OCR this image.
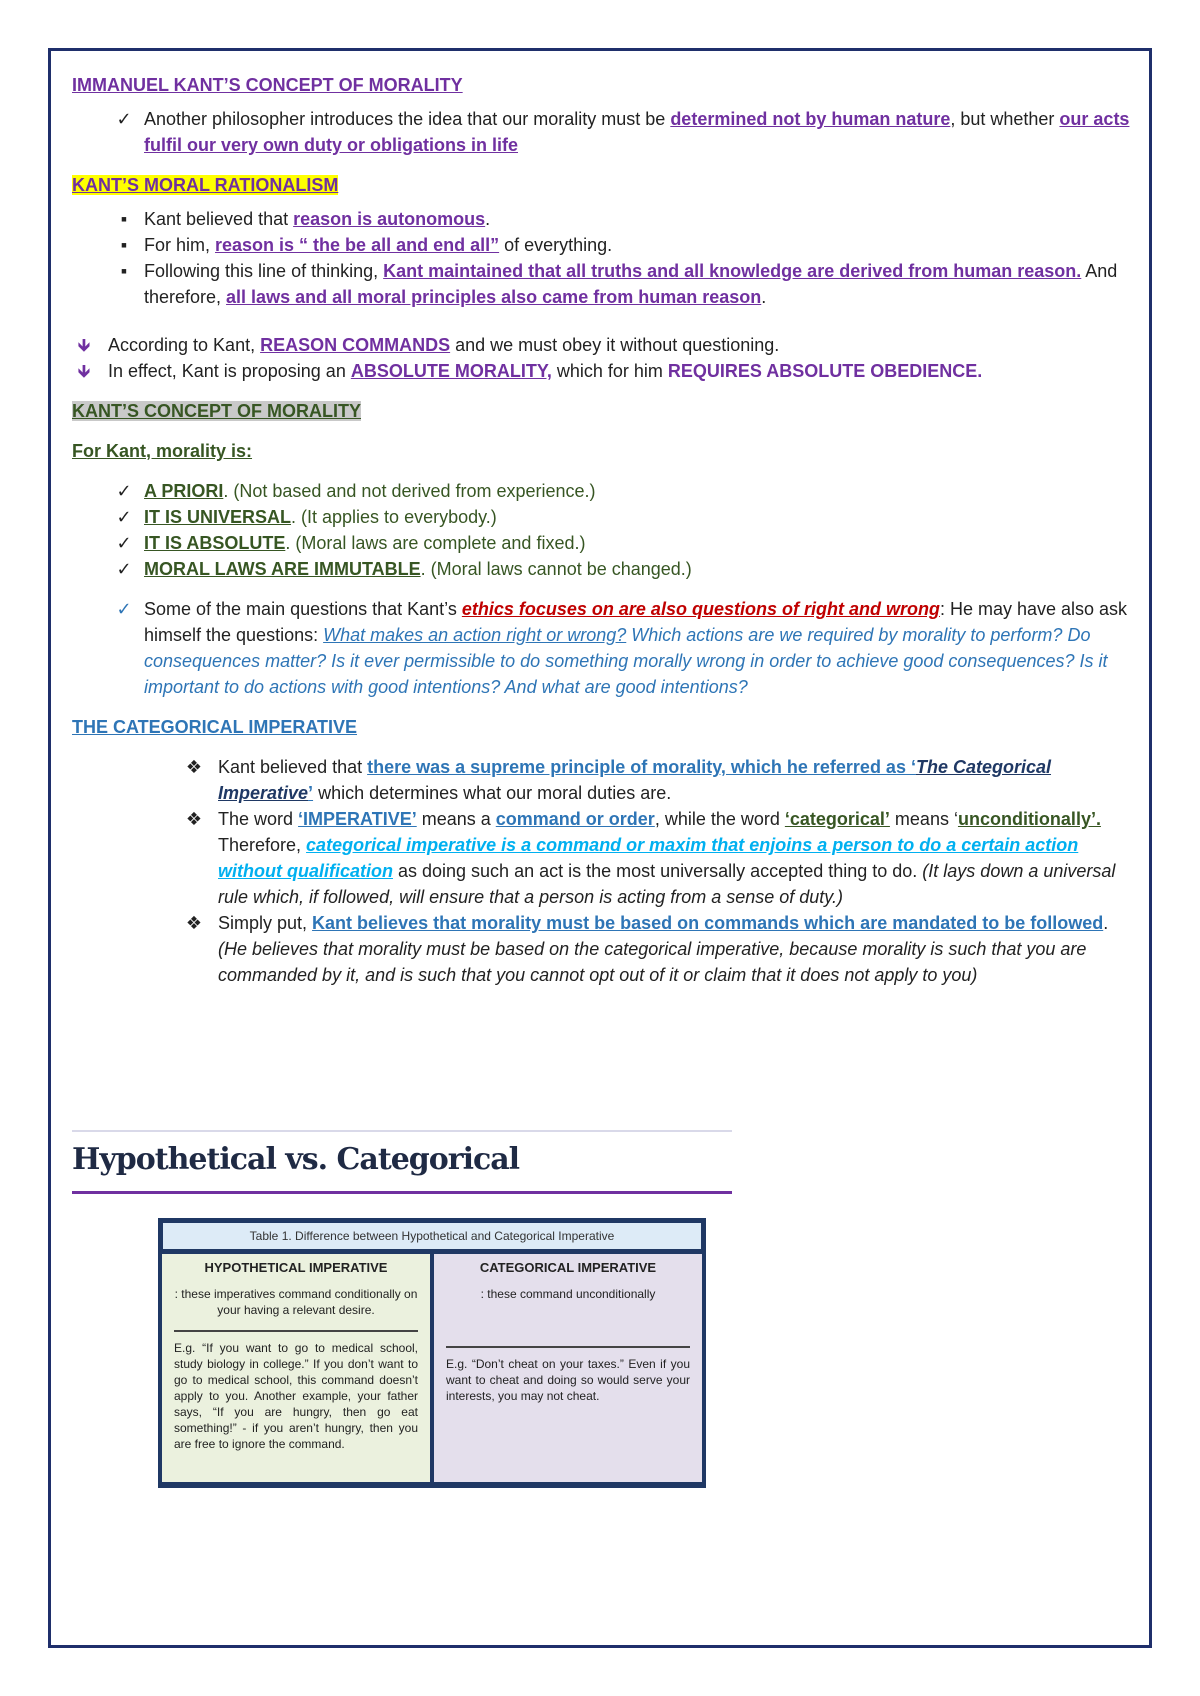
IMMANUEL KANT’S CONCEPT OF MORALITY

✓ Another philosopher introduces the idea that our morality must be determined not by human nature, but whether our acts fulfil our very own duty or obligations in life

KANT’S MORAL RATIONALISM

▪ Kant believed that reason is autonomous.
▪ For him, reason is “ the be all and end all” of everything.
▪ Following this line of thinking, Kant maintained that all truths and all knowledge are derived from human reason. And therefore, all laws and all moral principles also came from human reason.
🡻 According to Kant, REASON COMMANDS and we must obey it without questioning.
🡻 In effect, Kant is proposing an ABSOLUTE MORALITY, which for him REQUIRES ABSOLUTE OBEDIENCE.

KANT’S CONCEPT OF MORALITY

For Kant, morality is:

✓ A PRIORI. (Not based and not derived from experience.)
✓ IT IS UNIVERSAL. (It applies to everybody.)
✓ IT IS ABSOLUTE. (Moral laws are complete and fixed.)
✓ MORAL LAWS ARE IMMUTABLE. (Moral laws cannot be changed.)
✓ Some of the main questions that Kant’s ethics focuses on are also questions of right and wrong: He may have also ask himself the questions: What makes an action right or wrong? Which actions are we required by morality to perform? Do consequences matter? Is it ever permissible to do something morally wrong in order to achieve good consequences? Is it important to do actions with good intentions? And what are good intentions?

THE CATEGORICAL IMPERATIVE

❖ Kant believed that there was a supreme principle of morality, which he referred as ‘The Categorical Imperative’ which determines what our moral duties are.
❖ The word ‘IMPERATIVE’ means a command or order, while the word ‘categorical’ means ‘unconditionally’. Therefore, categorical imperative is a command or maxim that enjoins a person to do a certain action without qualification as doing such an act is the most universally accepted thing to do. (It lays down a universal rule which, if followed, will ensure that a person is acting from a sense of duty.)
❖ Simply put, Kant believes that morality must be based on commands which are mandated to be followed. (He believes that morality must be based on the categorical imperative, because morality is such that you are commanded by it, and is such that you cannot opt out of it or claim that it does not apply to you)
Hypothetical vs. Categorical
Table 1. Difference between Hypothetical and Categorical Imperative
HYPOTHETICAL IMPERATIVE
: these imperatives command conditionally on your having a relevant desire.
E.g. “If you want to go to medical school, study biology in college.” If you don’t want to go to medical school, this command doesn’t apply to you. Another example, your father says, “If you are hungry, then go eat something!” - if you aren’t hungry, then you are free to ignore the command.
CATEGORICAL IMPERATIVE
: these command unconditionally
E.g. “Don’t cheat on your taxes.” Even if you want to cheat and doing so would serve your interests, you may not cheat.
